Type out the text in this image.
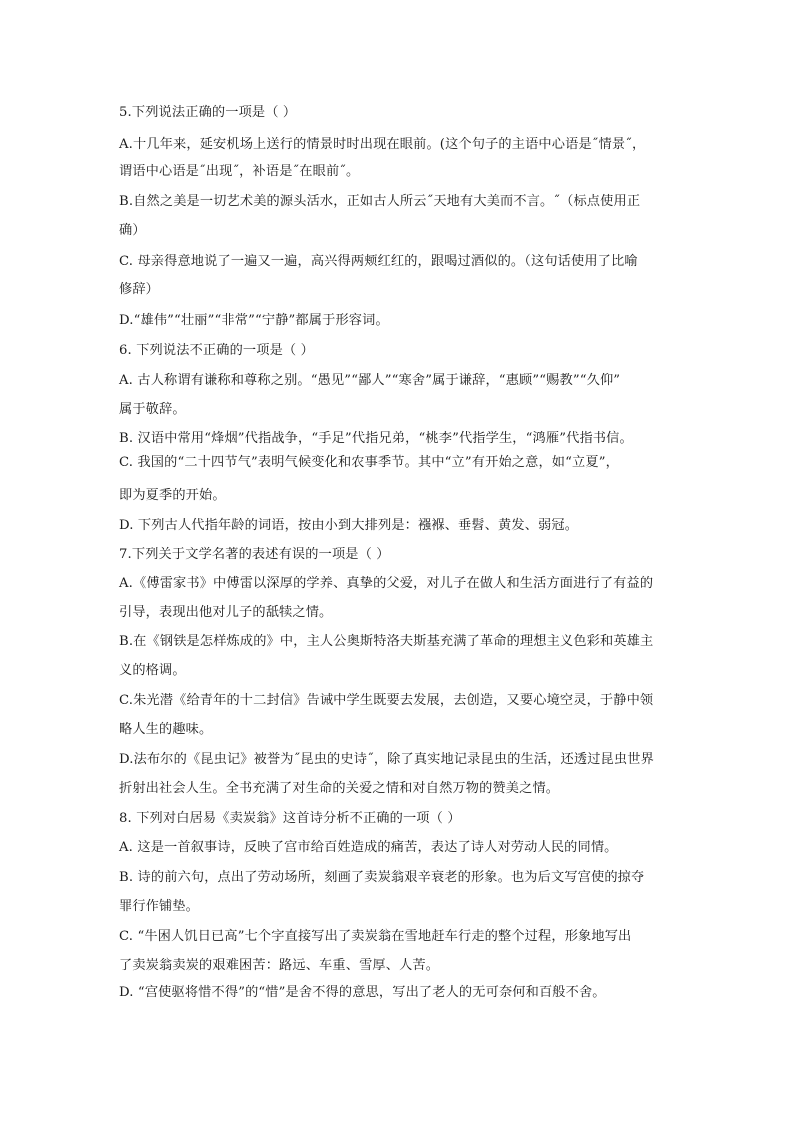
5.下列说法正确的一项是（ ）
A.十几年来，延安机场上送行的情景时时出现在眼前。(这个句子的主语中心语是˝情景˝，
谓语中心语是˝出现˝，补语是˝在眼前˝。
B.自然之美是一切艺术美的源头活水，正如古人所云˝天地有大美而不言。˝（标点使用正
确）
C. 母亲得意地说了一遍又一遍，高兴得两颊红红的，跟喝过酒似的。（这句话使用了比喻
修辞）
D.“雄伟”“壮丽”“非常”“宁静”都属于形容词。
6. 下列说法不正确的一项是（ ）
A. 古人称谓有谦称和尊称之别。“愚见”“鄙人”“寒舍”属于谦辞，“惠顾”“赐教”“久仰”
属于敬辞。
B. 汉语中常用“烽烟”代指战争，“手足”代指兄弟，“桃李”代指学生，“鸿雁”代指书信。
C. 我国的“二十四节气”表明气候变化和农事季节。其中“立”有开始之意，如“立夏”，
即为夏季的开始。
D. 下列古人代指年龄的词语，按由小到大排列是：襁褓、垂髫、黄发、弱冠。
7.下列关于文学名著的表述有误的一项是（ ）
A.《傅雷家书》中傅雷以深厚的学养、真挚的父爱，对儿子在做人和生活方面进行了有益的
引导，表现出他对儿子的舐犊之情。
B.在《钢铁是怎样炼成的》中，主人公奥斯特洛夫斯基充满了革命的理想主义色彩和英雄主
义的格调。
C.朱光潜《给青年的十二封信》告诫中学生既要去发展，去创造，又要心境空灵，于静中领
略人生的趣味。
D.法布尔的《昆虫记》被誉为˝昆虫的史诗˝，除了真实地记录昆虫的生活，还透过昆虫世界
折射出社会人生。全书充满了对生命的关爱之情和对自然万物的赞美之情。
8. 下列对白居易《卖炭翁》这首诗分析不正确的一项（ ）
A. 这是一首叙事诗，反映了宫市给百姓造成的痛苦，表达了诗人对劳动人民的同情。
B. 诗的前六句，点出了劳动场所，刻画了卖炭翁艰辛衰老的形象。也为后文写宫使的掠夺
罪行作铺垫。
C. “牛困人饥日已高”七个字直接写出了卖炭翁在雪地赶车行走的整个过程，形象地写出
了卖炭翁卖炭的艰难困苦：路远、车重、雪厚、人苦。
D. “宫使驱将惜不得”的“惜”是舍不得的意思，写出了老人的无可奈何和百般不舍。
